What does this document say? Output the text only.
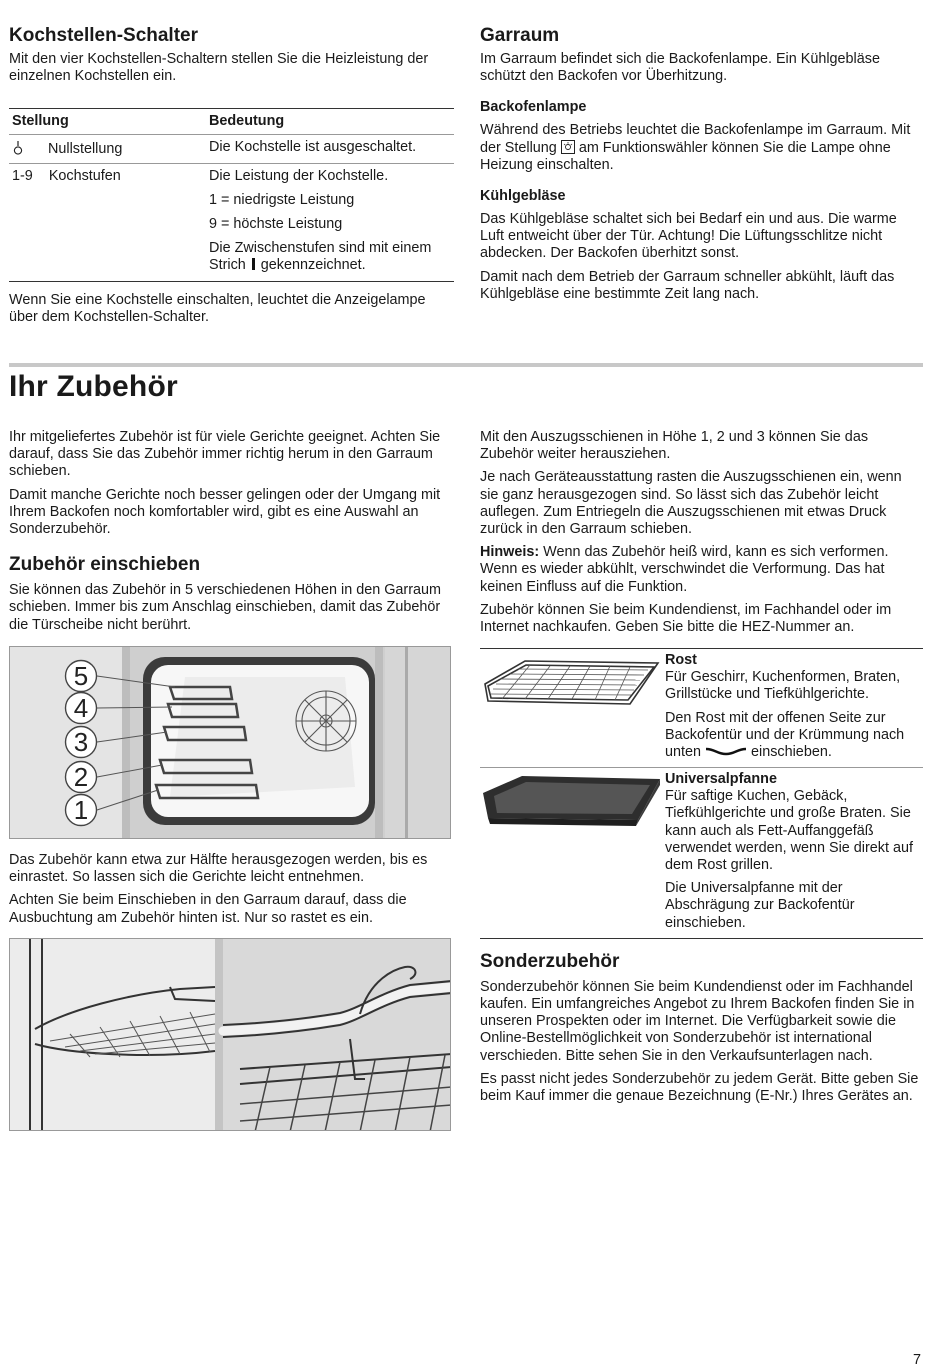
Kochstellen-Schalter

Mit den vier Kochstellen-Schaltern stellen Sie die Heizleistung der einzelnen Kochstellen ein.

Stellung	Bedeutung
Nullstellung	Die Kochstelle ist ausgeschaltet.
1-9 Kochstufen	Die Leistung der Kochstelle.
1 = niedrigste Leistung
9 = höchste Leistung
Die Zwischenstufen sind mit einem Strich gekennzeichnet.

Wenn Sie eine Kochstelle einschalten, leuchtet die Anzeigelampe über dem Kochstellen-Schalter.

Garraum

Im Garraum befindet sich die Backofenlampe. Ein Kühlgebläse schützt den Backofen vor Überhitzung.

Backofenlampe

Während des Betriebs leuchtet die Backofenlampe im Garraum. Mit der Stellung am Funktionswähler können Sie die Lampe ohne Heizung einschalten.

Kühlgebläse

Das Kühlgebläse schaltet sich bei Bedarf ein und aus. Die warme Luft entweicht über der Tür. Achtung! Die Lüftungsschlitze nicht abdecken. Der Backofen überhitzt sonst.

Damit nach dem Betrieb der Garraum schneller abkühlt, läuft das Kühlgebläse eine bestimmte Zeit lang nach.

Ihr Zubehör

Ihr mitgeliefertes Zubehör ist für viele Gerichte geeignet. Achten Sie darauf, dass Sie das Zubehör immer richtig herum in den Garraum schieben.

Damit manche Gerichte noch besser gelingen oder der Umgang mit Ihrem Backofen noch komfortabler wird, gibt es eine Auswahl an Sonderzubehör.

Zubehör einschieben

Sie können das Zubehör in 5 verschiedenen Höhen in den Garraum schieben. Immer bis zum Anschlag einschieben, damit das Zubehör die Türscheibe nicht berührt.

5
4
3
2
1

Das Zubehör kann etwa zur Hälfte herausgezogen werden, bis es einrastet. So lassen sich die Gerichte leicht entnehmen.

Achten Sie beim Einschieben in den Garraum darauf, dass die Ausbuchtung am Zubehör hinten ist. Nur so rastet es ein.

Mit den Auszugsschienen in Höhe 1, 2 und 3 können Sie das Zubehör weiter herausziehen.

Je nach Geräteausstattung rasten die Auszugsschienen ein, wenn sie ganz herausgezogen sind. So lässt sich das Zubehör leicht auflegen. Zum Entriegeln die Auszugsschienen mit etwas Druck zurück in den Garraum schieben.

Hinweis: Wenn das Zubehör heiß wird, kann es sich verformen. Wenn es wieder abkühlt, verschwindet die Verformung. Das hat keinen Einfluss auf die Funktion.

Zubehör können Sie beim Kundendienst, im Fachhandel oder im Internet nachkaufen. Geben Sie bitte die HEZ-Nummer an.

Rost

Für Geschirr, Kuchenformen, Braten, Grillstücke und Tiefkühlgerichte.

Den Rost mit der offenen Seite zur Backofentür und der Krümmung nach unten	einschieben.

Universalpfanne

Für saftige Kuchen, Gebäck, Tiefkühlgerichte und große Braten. Sie kann auch als Fett-Auffanggefäß verwendet werden, wenn Sie direkt auf dem Rost grillen.

Die Universalpfanne mit der Abschrägung zur Backofentür einschieben.

Sonderzubehör

Sonderzubehör können Sie beim Kundendienst oder im Fachhandel kaufen. Ein umfangreiches Angebot zu Ihrem Backofen finden Sie in unseren Prospekten oder im Internet. Die Verfügbarkeit sowie die Online-Bestellmöglichkeit von Sonderzubehör ist international verschieden. Bitte sehen Sie in den Verkaufsunterlagen nach.

Es passt nicht jedes Sonderzubehör zu jedem Gerät. Bitte geben Sie beim Kauf immer die genaue Bezeichnung (E-Nr.) Ihres Gerätes an.

7
